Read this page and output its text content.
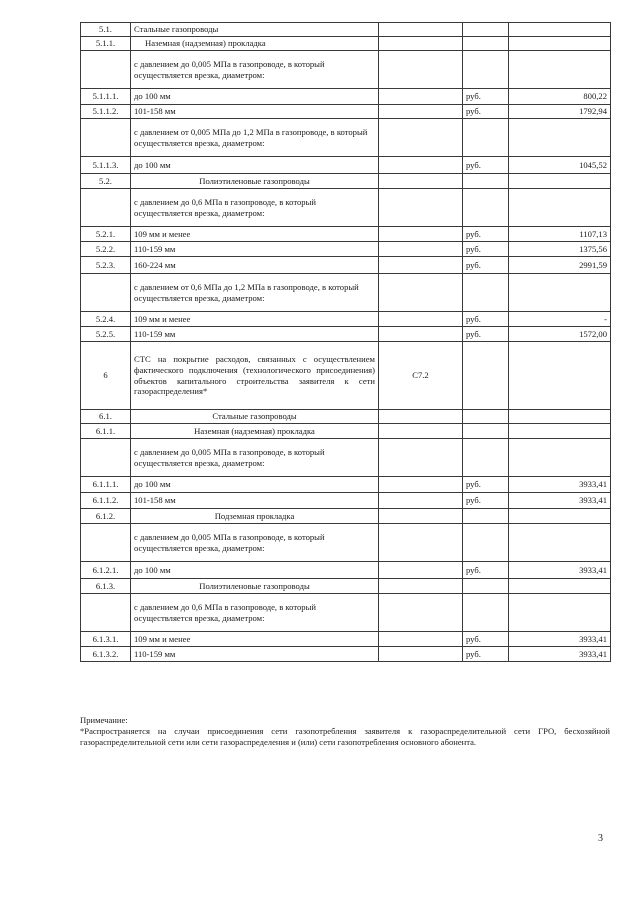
5.1.	Стальные газопроводы			
5.1.1.	Наземная (надземная) прокладка			
	с давлением до 0,005 МПа в газопроводе, в который осуществляется врезка, диаметром:			
5.1.1.1.	до 100 мм		руб.	800,22
5.1.1.2.	101-158 мм		руб.	1792,94
	с давлением от 0,005 МПа до 1,2 МПа в газопроводе, в который осуществляется врезка, диаметром:			
5.1.1.3.	до 100 мм		руб.	1045,52
5.2.	Полиэтиленовые газопроводы			
	с давлением до 0,6 МПа в газопроводе, в который осуществляется врезка, диаметром:			
5.2.1.	109 мм и менее		руб.	1107,13
5.2.2.	110-159 мм		руб.	1375,56
5.2.3.	160-224 мм		руб.	2991,59
	с давлением от 0,6 МПа до 1,2 МПа в газопроводе, в который осуществляется врезка, диаметром:			
5.2.4.	109 мм и менее		руб.	-
5.2.5.	110-159 мм		руб.	1572,00
6	СТС на покрытие расходов, связанных с осуществлением фактического подключения (технологического присоединения) объектов капитального строительства заявителя к сети газораспределения*	С7.2		
6.1.	Стальные газопроводы			
6.1.1.	Наземная (надземная) прокладка			
	с давлением до 0,005 МПа в газопроводе, в который осуществляется врезка, диаметром:			
6.1.1.1.	до 100 мм		руб.	3933,41
6.1.1.2.	101-158 мм		руб.	3933,41
6.1.2.	Подземная прокладка			
	с давлением до 0,005 МПа в газопроводе, в который осуществляется врезка, диаметром:			
6.1.2.1.	до 100 мм		руб.	3933,41
6.1.3.	Полиэтиленовые газопроводы			
	с давлением до 0,6 МПа в газопроводе, в который осуществляется врезка, диаметром:			
6.1.3.1.	109 мм и менее		руб.	3933,41
6.1.3.2.	110-159 мм		руб.	3933,41

Примечание:

*Распространяется на случаи присоединения сети газопотребления заявителя к газораспределительной сети ГРО, бесхозяйной газораспределительной сети или сети газораспределения и (или) сети газопотребления основного абонента.

3
